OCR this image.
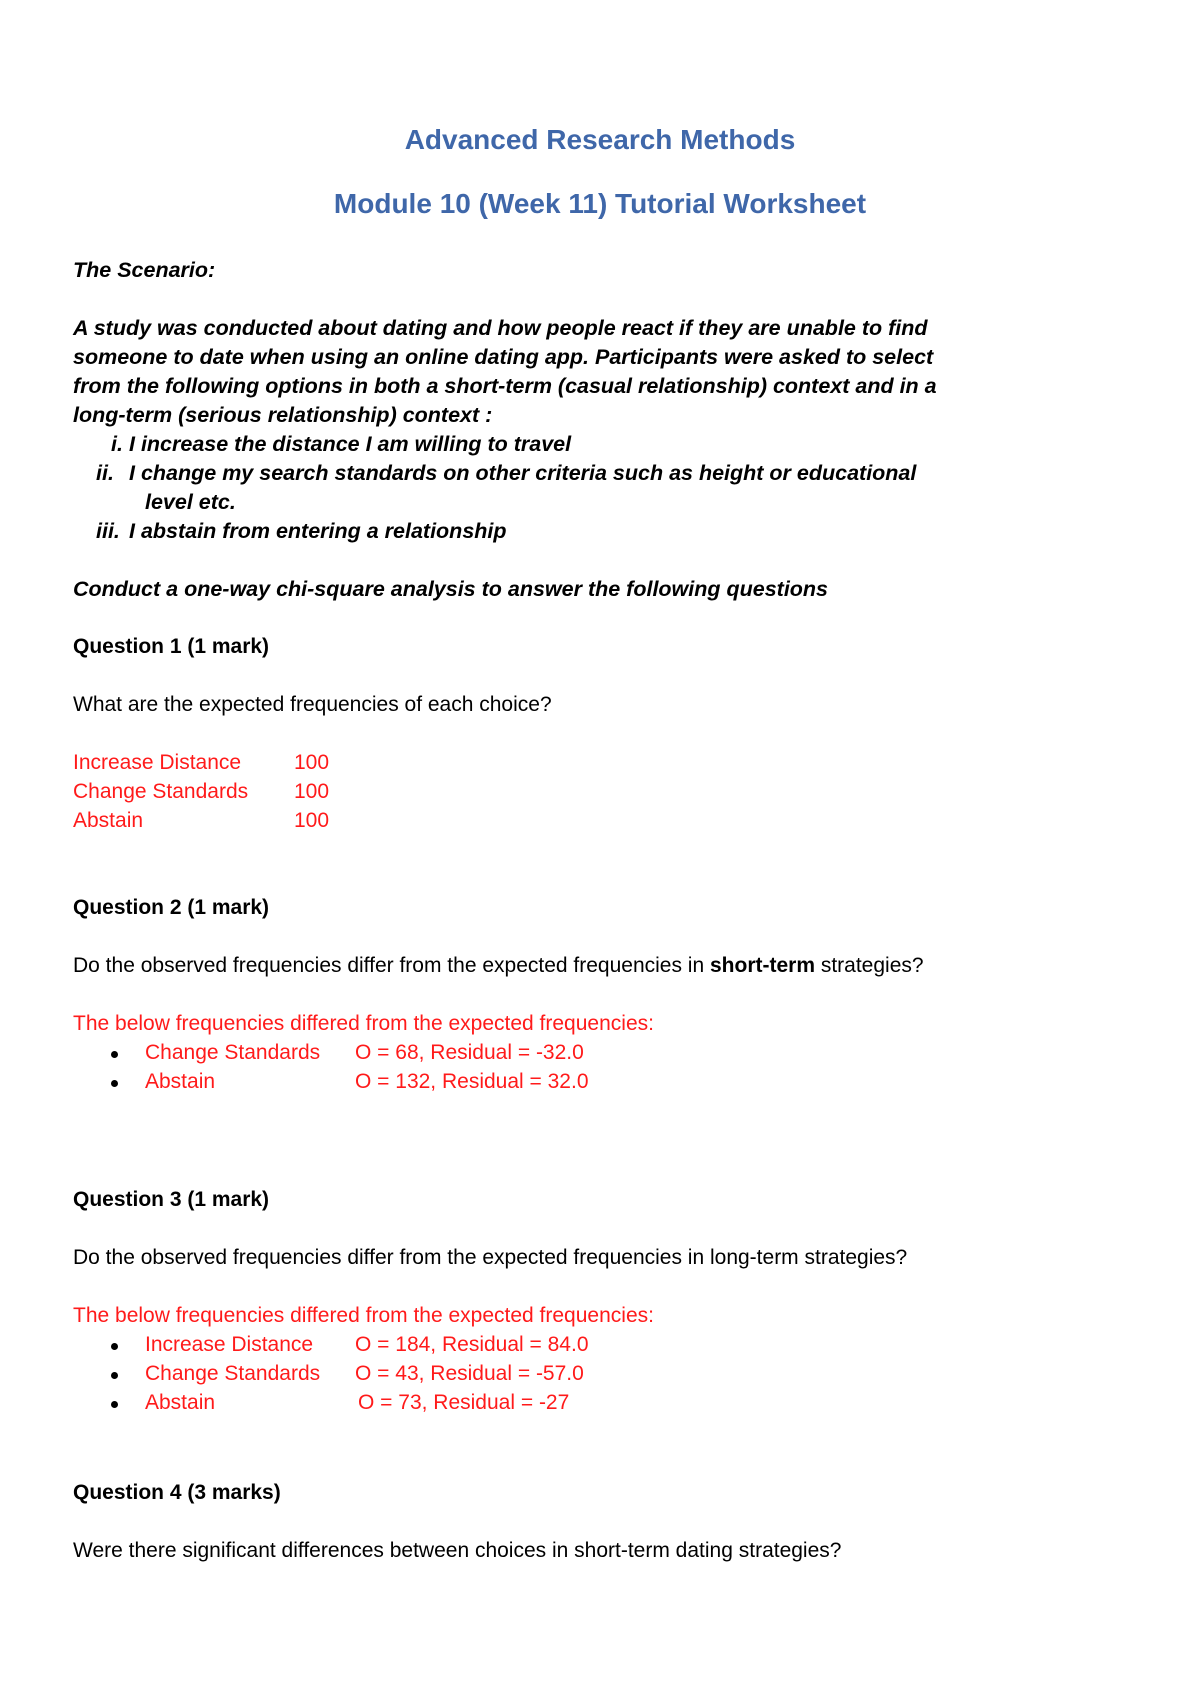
Advanced Research Methods
Module 10 (Week 11) Tutorial Worksheet
The Scenario:
A study was conducted about dating and how people react if they are unable to find
someone to date when using an online dating app. Participants were asked to select
from the following options in both a short-term (casual relationship) context and in a
long-term (serious relationship) context :
i. I increase the distance I am willing to travel
ii. I change my search standards on other criteria such as height or educational
level etc.
iii. I abstain from entering a relationship
Conduct a one-way chi-square analysis to answer the following questions
Question 1 (1 mark)
What are the expected frequencies of each choice?
Increase Distance	100
Change Standards 100
Abstain	100
Question 2 (1 mark)
Do the observed frequencies differ from the expected frequencies in short-term strategies?
The below frequencies differed from the expected frequencies:
Change Standards O = 68, Residual = -32.0
Abstain	O = 132, Residual = 32.0
Question 3 (1 mark)
Do the observed frequencies differ from the expected frequencies in long-term strategies?
The below frequencies differed from the expected frequencies:
Increase Distance O = 184, Residual = 84.0
Change Standards O = 43, Residual = -57.0
Abstain	O = 73, Residual = -27
Question 4 (3 marks)
Were there significant differences between choices in short-term dating strategies?
